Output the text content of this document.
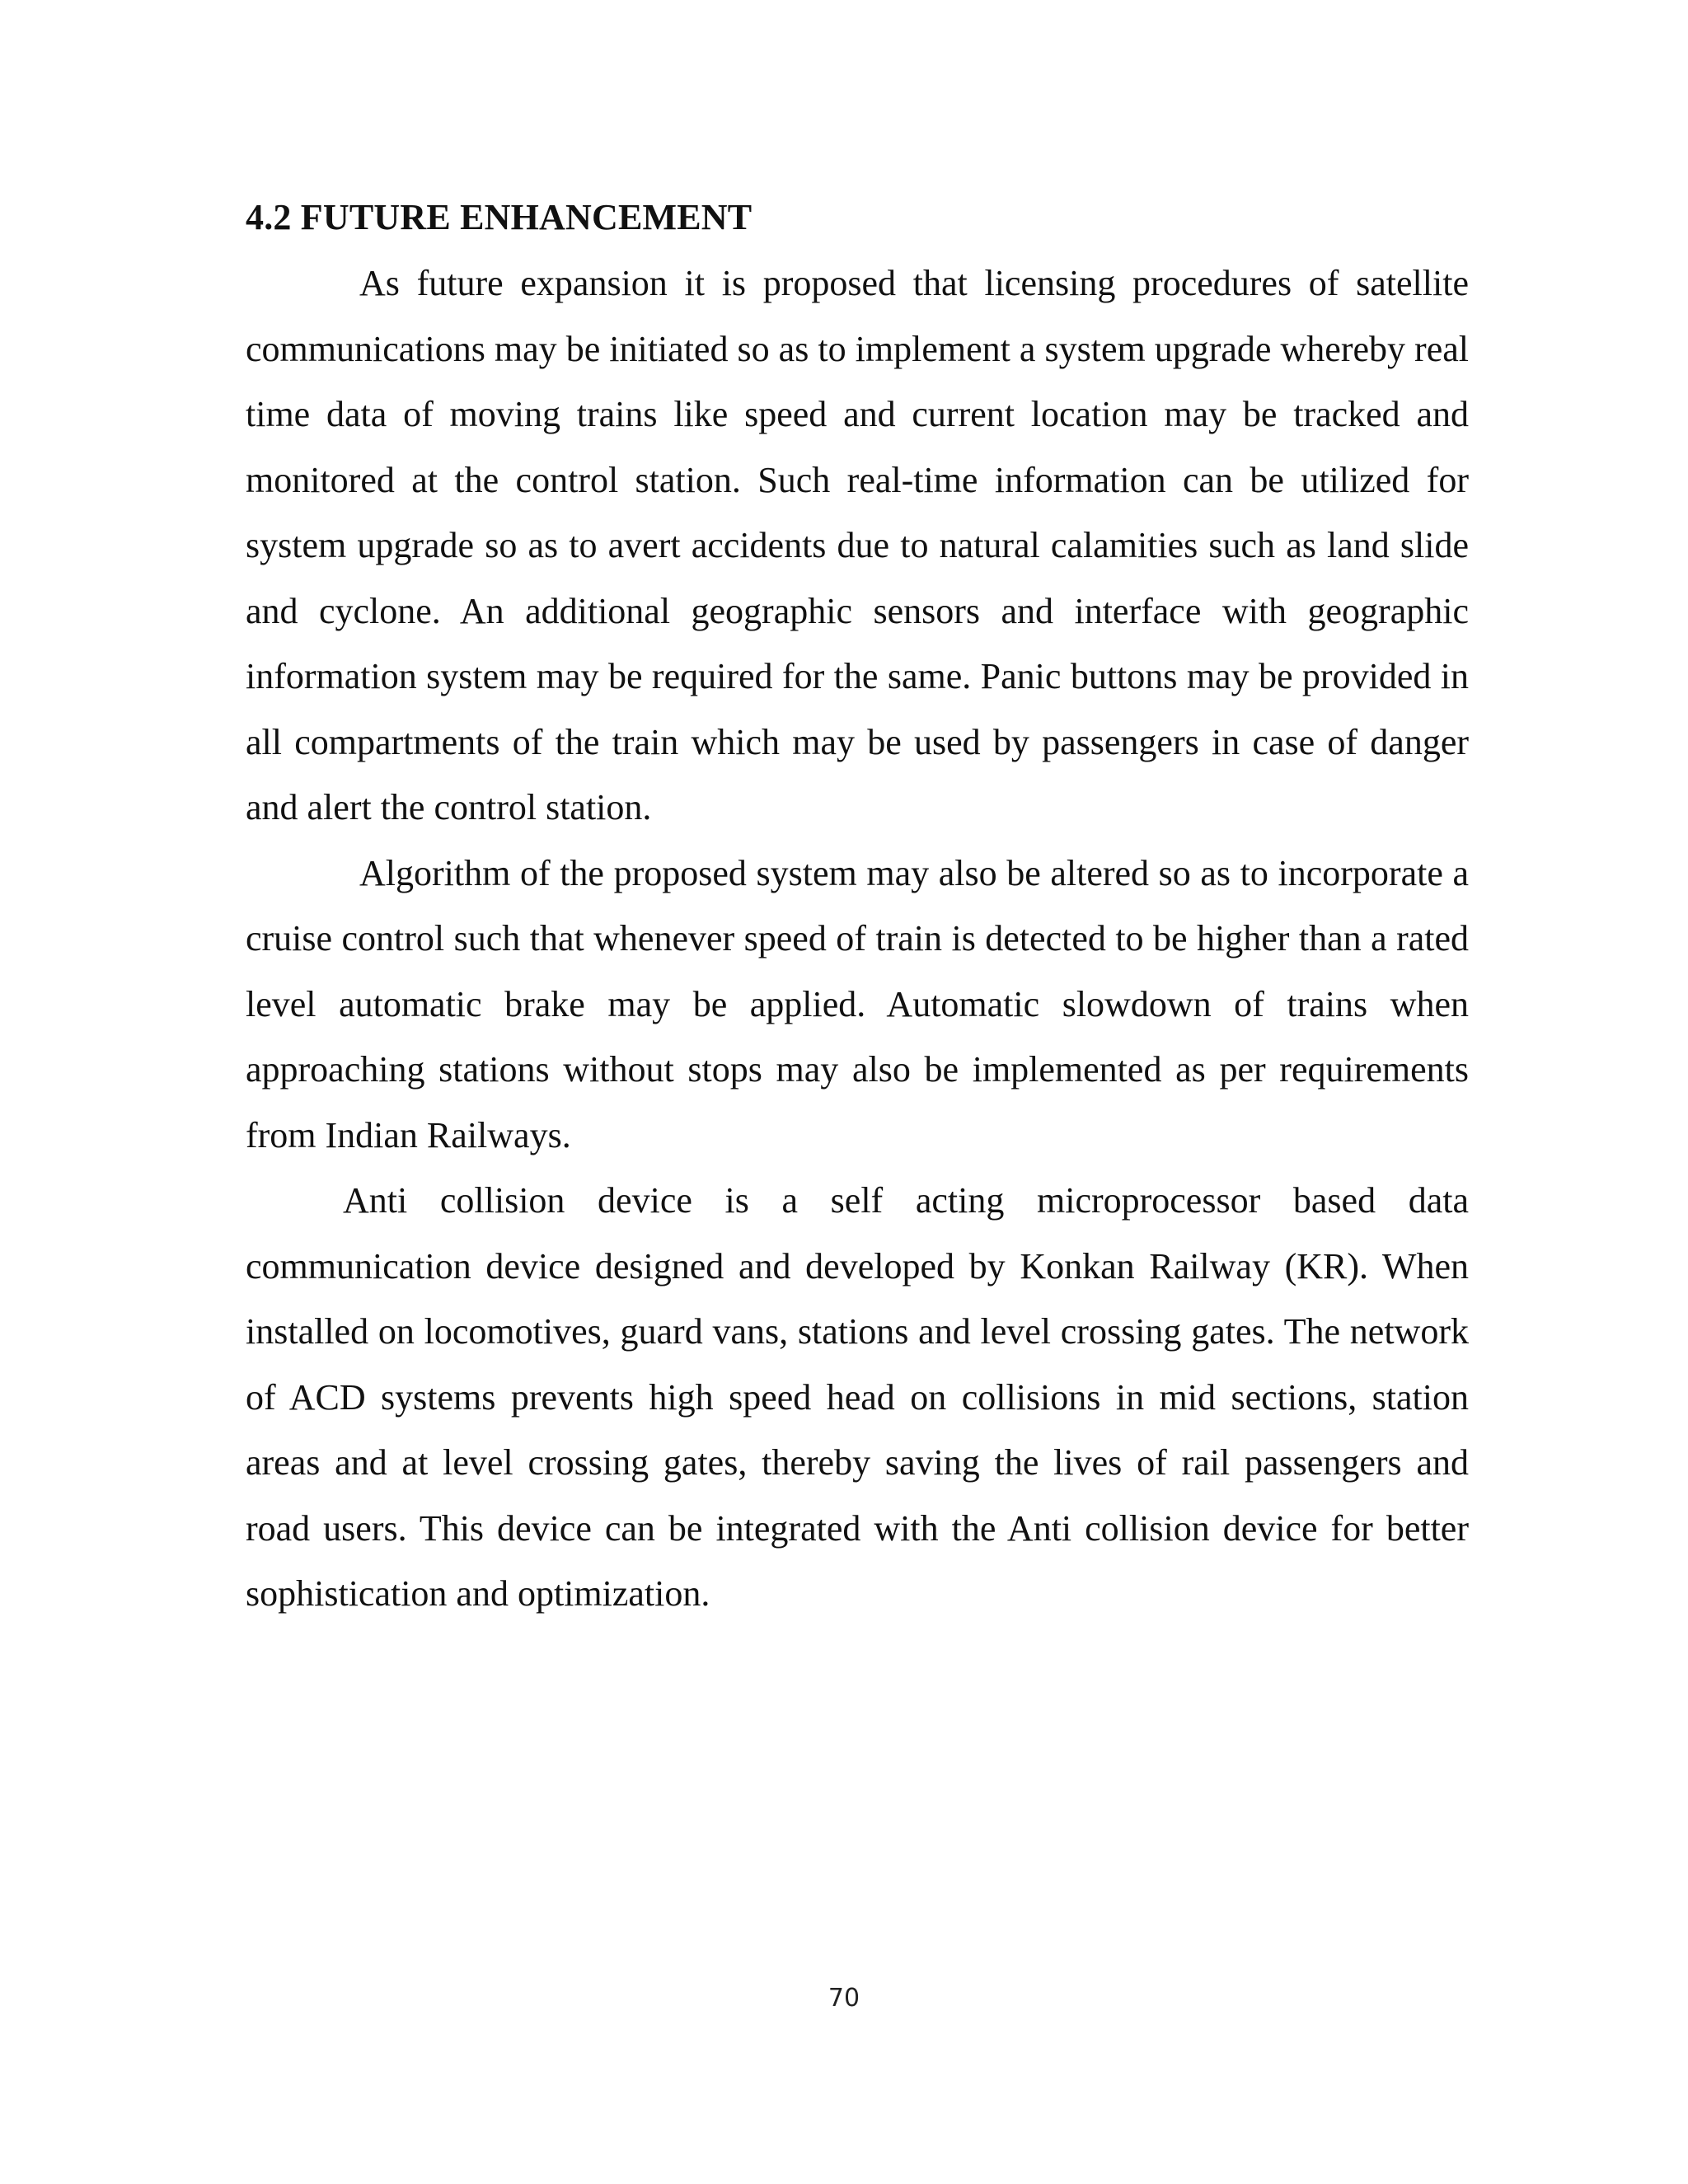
4.2 FUTURE ENHANCEMENT

As future expansion it is proposed that licensing procedures of satellite communications may be initiated so as to implement a system upgrade whereby real time data of moving trains like speed and current location may be tracked and monitored at the control station. Such real-time information can be utilized for system upgrade so as to avert accidents due to natural calamities such as land slide and cyclone. An additional geographic sensors and interface with geographic information system may be required for the same. Panic buttons may be provided in all compartments of the train which may be used by passengers in case of danger and alert the control station.

Algorithm of the proposed system may also be altered so as to incorporate a cruise control such that whenever speed of train is detected to be higher than a rated level automatic brake may be applied. Automatic slowdown of trains when approaching stations without stops may also be implemented as per requirements from Indian Railways.

Anti collision device is a self acting microprocessor based data communication device designed and developed by Konkan Railway (KR). When installed on locomotives, guard vans, stations and level crossing gates. The network of ACD systems prevents high speed head on collisions in mid sections, station areas and at level crossing gates, thereby saving the lives of rail passengers and road users. This device can be integrated with the Anti collision device for better sophistication and optimization.

70
